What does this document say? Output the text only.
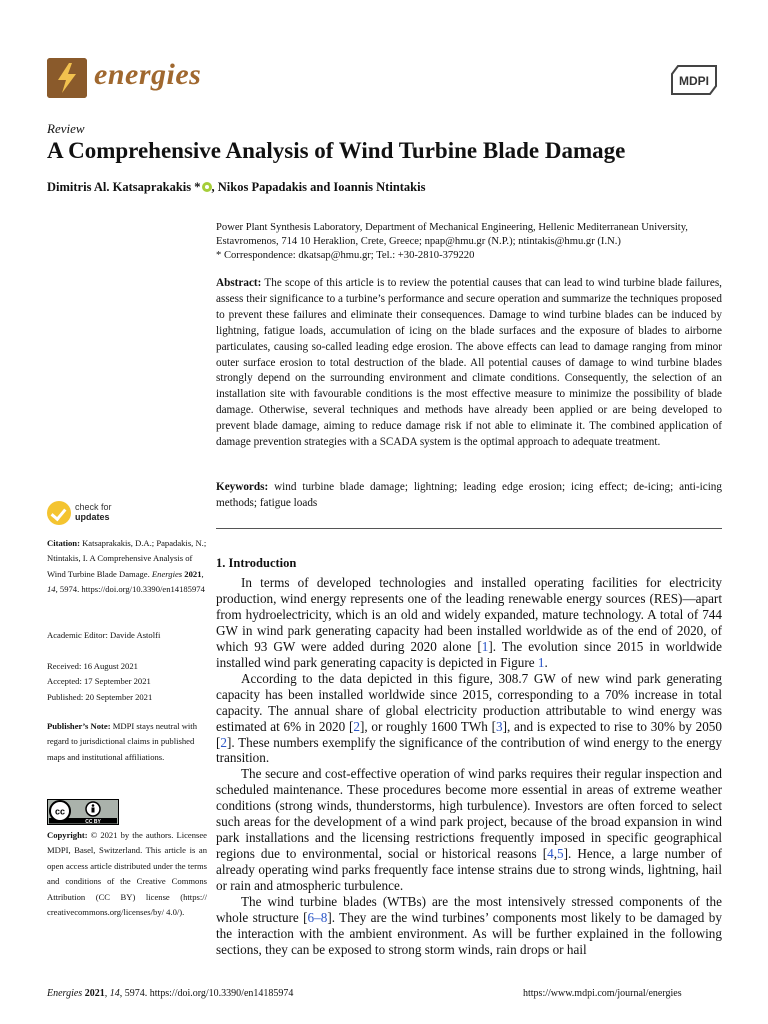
energies	MDPI
Review
A Comprehensive Analysis of Wind Turbine Blade Damage
Dimitris Al. Katsaprakakis * , Nikos Papadakis and Ioannis Ntintakis
Power Plant Synthesis Laboratory, Department of Mechanical Engineering, Hellenic Mediterranean University, Estavromenos, 714 10 Heraklion, Crete, Greece; npap@hmu.gr (N.P.); ntintakis@hmu.gr (I.N.)
* Correspondence: dkatsap@hmu.gr; Tel.: +30-2810-379220
Abstract: The scope of this article is to review the potential causes that can lead to wind turbine blade failures, assess their significance to a turbine’s performance and secure operation and summarize the techniques proposed to prevent these failures and eliminate their consequences. Damage to wind turbine blades can be induced by lightning, fatigue loads, accumulation of icing on the blade surfaces and the exposure of blades to airborne particulates, causing so-called leading edge erosion. The above effects can lead to damage ranging from minor outer surface erosion to total destruction of the blade. All potential causes of damage to wind turbine blades strongly depend on the surrounding environment and climate conditions. Consequently, the selection of an installation site with favourable conditions is the most effective measure to minimize the possibility of blade damage. Otherwise, several techniques and methods have already been applied or are being developed to prevent blade damage, aiming to reduce damage risk if not able to eliminate it. The combined application of damage prevention strategies with a SCADA system is the optimal approach to adequate treatment.
Keywords: wind turbine blade damage; lightning; leading edge erosion; icing effect; de-icing; anti-icing methods; fatigue loads
1. Introduction

In terms of developed technologies and installed operating facilities for electricity production, wind energy represents one of the leading renewable energy sources (RES)—apart from hydroelectricity, which is an old and widely expanded, mature technology. A total of 744 GW in wind park generating capacity had been installed worldwide as of the end of 2020, of which 93 GW were added during 2020 alone [1]. The evolution since 2015 in worldwide installed wind park generating capacity is depicted in Figure 1.

According to the data depicted in this figure, 308.7 GW of new wind park generating capacity has been installed worldwide since 2015, corresponding to a 70% increase in total capacity. The annual share of global electricity production attributable to wind energy was estimated at 6% in 2020 [2], or roughly 1600 TWh [3], and is expected to rise to 30% by 2050 [2]. These numbers exemplify the significance of the contribution of wind energy to the energy transition.

The secure and cost-effective operation of wind parks requires their regular inspection and scheduled maintenance. These procedures become more essential in areas of extreme weather conditions (strong winds, thunderstorms, high turbulence). Investors are often forced to select such areas for the development of a wind park project, because of the broad expansion in wind park installations and the licensing restrictions frequently imposed in specific geographical regions due to environmental, social or historical reasons [4,5]. Hence, a large number of already operating wind parks frequently face intense strains due to strong winds, lightning, hail or rain and atmospheric turbulence.

The wind turbine blades (WTBs) are the most intensively stressed components of the whole structure [6–8]. They are the wind turbines’ components most likely to be damaged by the interaction with the ambient environment. As will be further explained in the following sections, they can be exposed to strong storm winds, rain drops or hail

check for
updates
Citation: Katsaprakakis, D.A.; Papadakis, N.; Ntintakis, I. A Comprehensive Analysis of Wind Turbine Blade Damage. Energies 2021, 14, 5974. https://doi.org/10.3390/en14185974
Academic Editor: Davide Astolfi
Received: 16 August 2021
Accepted: 17 September 2021
Published: 20 September 2021
Publisher’s Note: MDPI stays neutral with regard to jurisdictional claims in published maps and institutional affiliations.
cc
CC BY
Copyright: © 2021 by the authors. Licensee MDPI, Basel, Switzerland. This article is an open access article distributed under the terms and conditions of the Creative Commons Attribution (CC BY) license (https:// creativecommons.org/licenses/by/ 4.0/).
Energies 2021, 14, 5974. https://doi.org/10.3390/en14185974	https://www.mdpi.com/journal/energies
